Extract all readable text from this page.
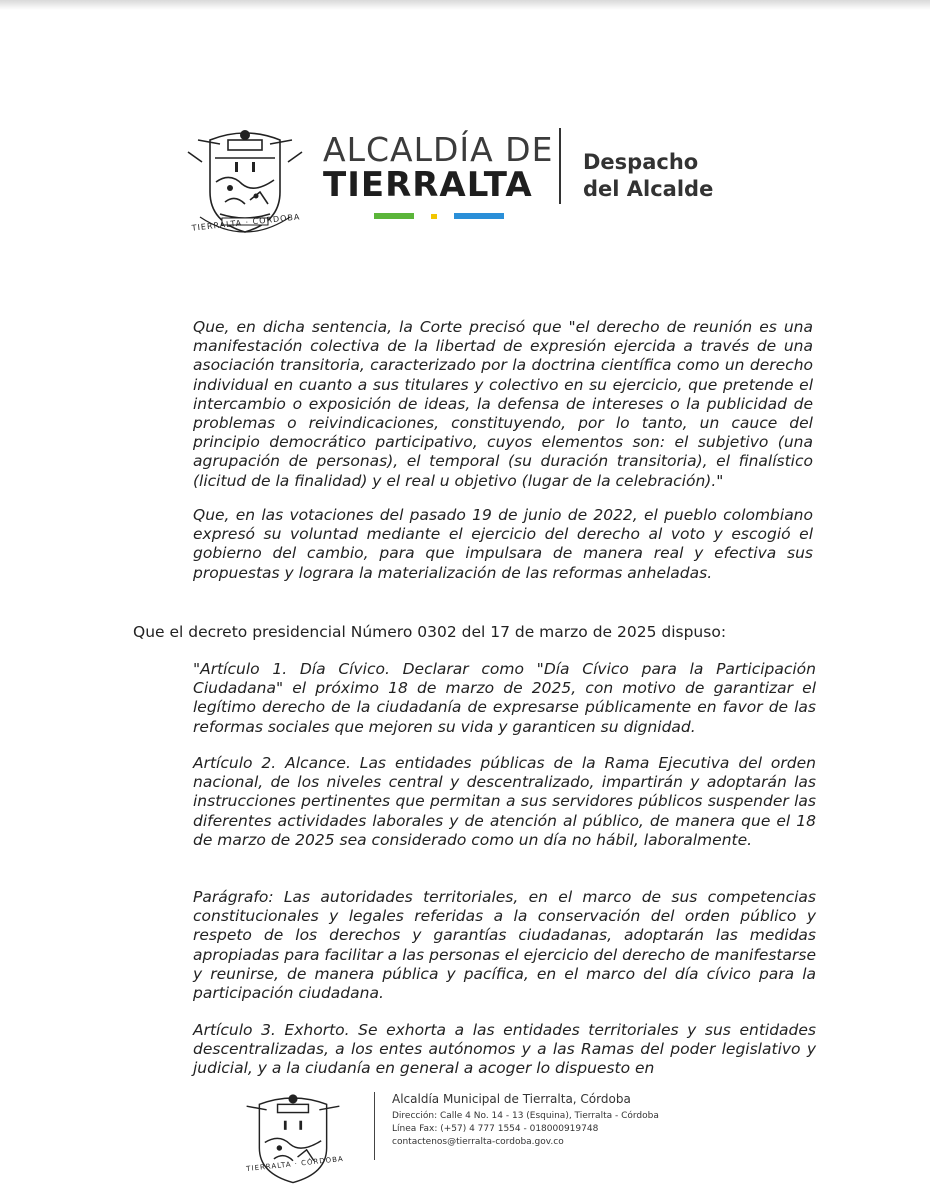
TIERRALTA · CÓRDOBA
ALCALDÍA DE
TIERRALTA
Despacho
del Alcalde

Que, en dicha sentencia, la Corte precisó que "el derecho de reunión es una manifestación colectiva de la libertad de expresión ejercida a través de una asociación transitoria, caracterizado por la doctrina científica como un derecho individual en cuanto a sus titulares y colectivo en su ejercicio, que pretende el intercambio o exposición de ideas, la defensa de intereses o la publicidad de problemas o reivindicaciones, constituyendo, por lo tanto, un cauce del principio democrático participativo, cuyos elementos son: el subjetivo (una agrupación de personas), el temporal (su duración transitoria), el finalístico (licitud de la finalidad) y el real u objetivo (lugar de la celebración)."

Que, en las votaciones del pasado 19 de junio de 2022, el pueblo colombiano expresó su voluntad mediante el ejercicio del derecho al voto y escogió el gobierno del cambio, para que impulsara de manera real y efectiva sus propuestas y lograra la materialización de las reformas anheladas.

Que el decreto presidencial Número 0302 del 17 de marzo de 2025 dispuso:

"Artículo 1. Día Cívico. Declarar como "Día Cívico para la Participación Ciudadana" el próximo 18 de marzo de 2025, con motivo de garantizar el legítimo derecho de la ciudadanía de expresarse públicamente en favor de las reformas sociales que mejoren su vida y garanticen su dignidad.

Artículo 2. Alcance. Las entidades públicas de la Rama Ejecutiva del orden nacional, de los niveles central y descentralizado, impartirán y adoptarán las instrucciones pertinentes que permitan a sus servidores públicos suspender las diferentes actividades laborales y de atención al público, de manera que el 18 de marzo de 2025 sea considerado como un día no hábil, laboralmente.

Parágrafo: Las autoridades territoriales, en el marco de sus competencias constitucionales y legales referidas a la conservación del orden público y respeto de los derechos y garantías ciudadanas, adoptarán las medidas apropiadas para facilitar a las personas el ejercicio del derecho de manifestarse y reunirse, de manera pública y pacífica, en el marco del día cívico para la participación ciudadana.

Artículo 3. Exhorto. Se exhorta a las entidades territoriales y sus entidades descentralizadas, a los entes autónomos y a las Ramas del poder legislativo y judicial, y a la ciudanía en general a acoger lo dispuesto en

TIERRALTA · CÓRDOBA

Alcaldía Municipal de Tierralta, Córdoba

Dirección: Calle 4 No. 14 - 13 (Esquina), Tierralta - Córdoba

Línea Fax: (+57) 4 777 1554 - 018000919748

contactenos@tierralta-cordoba.gov.co
